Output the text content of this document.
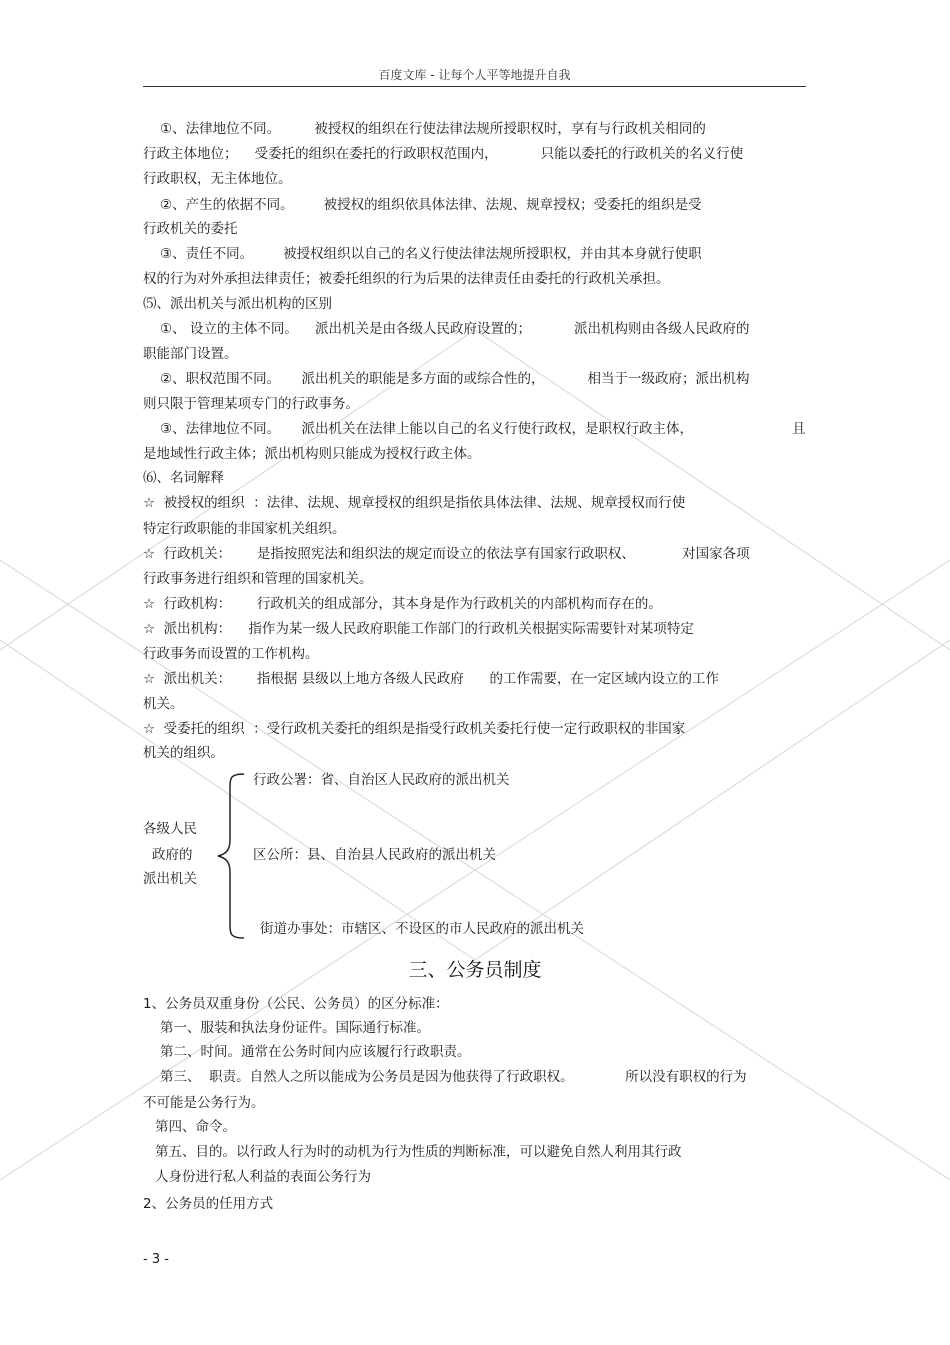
百度文库 - 让每个人平等地提升自我
①、法律地位不同。        被授权的组织在行使法律法规所授职权时，享有与行政机关相同的
行政主体地位；    受委托的组织在委托的行政职权范围内，          只能以委托的行政机关的名义行使
行政职权，无主体地位。
②、产生的依据不同。       被授权的组织依具体法律、法规、规章授权；受委托的组织是受
行政机关的委托
③、责任不同。       被授权组织以自己的名义行使法律法规所授职权，并由其本身就行使职
权的行为对外承担法律责任；被委托组织的行为后果的法律责任由委托的行政机关承担。
⑸、派出机关与派出机构的区别
①、 设立的主体不同。    派出机关是由各级人民政府设置的；          派出机构则由各级人民政府的
职能部门设置。
②、职权范围不同。     派出机关的职能是多方面的或综合性的，          相当于一级政府；派出机构
则只限于管理某项专门的行政事务。
③、法律地位不同。     派出机关在法律上能以自己的名义行使行政权，是职权行政主体，	且
是地域性行政主体；派出机构则只能成为授权行政主体。
⑹、名词解释
☆  被授权的组织  ：法律、法规、规章授权的组织是指依具体法律、法规、规章授权而行使
特定行政职能的非国家机关组织。
☆  行政机关：      是指按照宪法和组织法的规定而设立的依法享有国家行政职权、           对国家各项
行政事务进行组织和管理的国家机关。
☆  行政机构：      行政机关的组成部分，其本身是作为行政机关的内部机构而存在的。
☆  派出机构：    指作为某一级人民政府职能工作部门的行政机关根据实际需要针对某项特定
行政事务而设置的工作机构。
☆  派出机关：      指根据 县级以上地方各级人民政府      的工作需要，在一定区域内设立的工作
机关。
☆  受委托的组织  ：受行政机关委托的组织是指受行政机关委托行使一定行政职权的非国家
机关的组织。
各级人民
政府的
派出机关
行政公署：省、自治区人民政府的派出机关
区公所：县、自治县人民政府的派出机关
街道办事处：市辖区、不设区的市人民政府的派出机关
三、公务员制度
1、公务员双重身份（公民、公务员）的区分标准：
第一、服装和执法身份证件。国际通行标准。
第二、时间。通常在公务时间内应该履行行政职责。
第三、  职责。自然人之所以能成为公务员是因为他获得了行政职权。            所以没有职权的行为
不可能是公务行为。
第四、命令。
第五、目的。以行政人行为时的动机为行为性质的判断标准，可以避免自然人利用其行政
人身份进行私人利益的表面公务行为
2、公务员的任用方式
- 3 -
